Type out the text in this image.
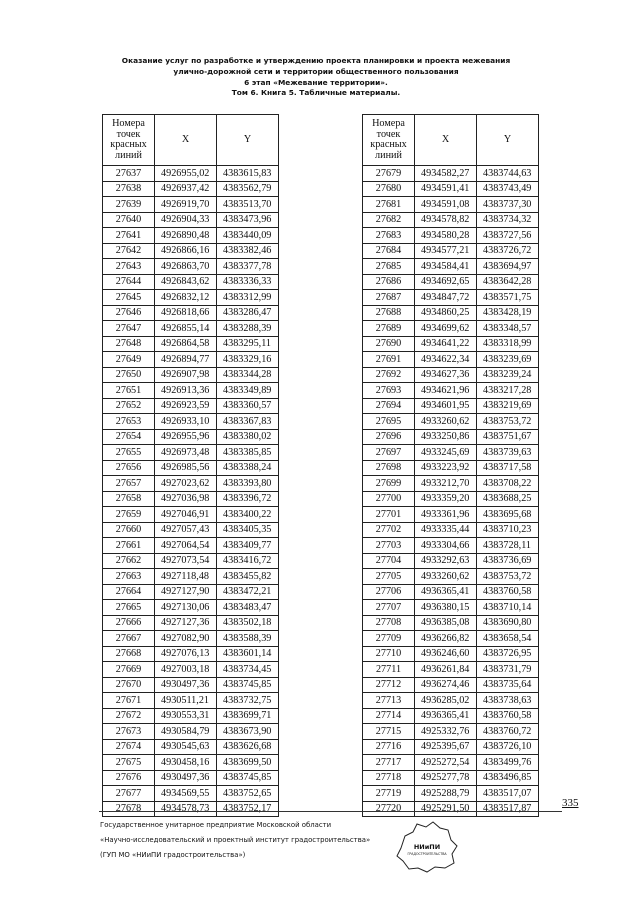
Оказание услуг по разработке и утверждению проекта планировки и проекта межевания
улично-дорожной сети и территории общественного пользования
6 этап «Межевание территории».
Том 6. Книга 5. Табличные материалы.
Номера
точек
красных
линий	X	Y
27637	4926955,02	4383615,83
27638	4926937,42	4383562,79
27639	4926919,70	4383513,70
27640	4926904,33	4383473,96
27641	4926890,48	4383440,09
27642	4926866,16	4383382,46
27643	4926863,70	4383377,78
27644	4926843,62	4383336,33
27645	4926832,12	4383312,99
27646	4926818,66	4383286,47
27647	4926855,14	4383288,39
27648	4926864,58	4383295,11
27649	4926894,77	4383329,16
27650	4926907,98	4383344,28
27651	4926913,36	4383349,89
27652	4926923,59	4383360,57
27653	4926933,10	4383367,83
27654	4926955,96	4383380,02
27655	4926973,48	4383385,85
27656	4926985,56	4383388,24
27657	4927023,62	4383393,80
27658	4927036,98	4383396,72
27659	4927046,91	4383400,22
27660	4927057,43	4383405,35
27661	4927064,54	4383409,77
27662	4927073,54	4383416,72
27663	4927118,48	4383455,82
27664	4927127,90	4383472,21
27665	4927130,06	4383483,47
27666	4927127,36	4383502,18
27667	4927082,90	4383588,39
27668	4927076,13	4383601,14
27669	4927003,18	4383734,45
27670	4930497,36	4383745,85
27671	4930511,21	4383732,75
27672	4930553,31	4383699,71
27673	4930584,79	4383673,90
27674	4930545,63	4383626,68
27675	4930458,16	4383699,50
27676	4930497,36	4383745,85
27677	4934569,55	4383752,65
27678	4934578,73	4383752,17
Номера
точек
красных
линий	X	Y
27679	4934582,27	4383744,63
27680	4934591,41	4383743,49
27681	4934591,08	4383737,30
27682	4934578,82	4383734,32
27683	4934580,28	4383727,56
27684	4934577,21	4383726,72
27685	4934584,41	4383694,97
27686	4934692,65	4383642,28
27687	4934847,72	4383571,75
27688	4934860,25	4383428,19
27689	4934699,62	4383348,57
27690	4934641,22	4383318,99
27691	4934622,34	4383239,69
27692	4934627,36	4383239,24
27693	4934621,96	4383217,28
27694	4934601,95	4383219,69
27695	4933260,62	4383753,72
27696	4933250,86	4383751,67
27697	4933245,69	4383739,63
27698	4933223,92	4383717,58
27699	4933212,70	4383708,22
27700	4933359,20	4383688,25
27701	4933361,96	4383695,68
27702	4933335,44	4383710,23
27703	4933304,66	4383728,11
27704	4933292,63	4383736,69
27705	4933260,62	4383753,72
27706	4936365,41	4383760,58
27707	4936380,15	4383710,14
27708	4936385,08	4383690,80
27709	4936266,82	4383658,54
27710	4936246,60	4383726,95
27711	4936261,84	4383731,79
27712	4936274,46	4383735,64
27713	4936285,02	4383738,63
27714	4936365,41	4383760,58
27715	4925332,76	4383760,72
27716	4925395,67	4383726,10
27717	4925272,54	4383499,76
27718	4925277,78	4383496,85
27719	4925288,79	4383517,07
27720	4925291,50	4383517,87	335
Государственное унитарное предприятие Московской области
«Научно-исследовательский и проектный институт градостроительства»
(ГУП МО «НИиПИ градостроительства»)
НИиПИ
ГРАДОСТРОИТЕЛЬСТВА
